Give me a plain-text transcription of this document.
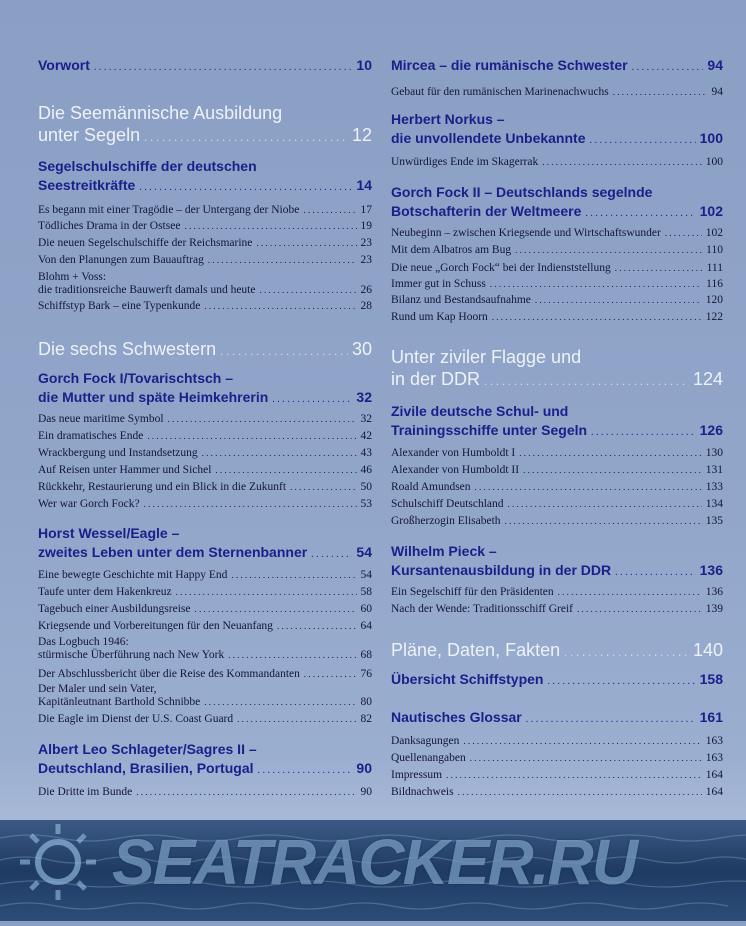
Vorwort . . .	10
Die Seemännische Ausbildung
unter Segeln . . .	12
Segelschulschiffe der deutschen
Seestreitkräfte . . .	14
Es begann mit einer Tragödie – der Untergang der Niobe . . .	17
Tödliches Drama in der Ostsee . . .	19
Die neuen Segelschulschiffe der Reichsmarine . . .	23
Von den Planungen zum Bauauftrag . . .	23
Blohm + Voss:
die traditionsreiche Bauwerft damals und heute . . .	26
Schiffstyp Bark – eine Typenkunde . . .	28
Die sechs Schwestern . . .	30
Gorch Fock I/Tovarischtsch –
die Mutter und späte Heimkehrerin . . .	32
Das neue maritime Symbol . . .	32
Ein dramatisches Ende . . .	42
Wrackbergung und Instandsetzung . . .	43
Auf Reisen unter Hammer und Sichel . . .	46
Rückkehr, Restaurierung und ein Blick in die Zukunft . . .	50
Wer war Gorch Fock? . . .	53
Horst Wessel/Eagle –
zweites Leben unter dem Sternenbanner . . .	54
Eine bewegte Geschichte mit Happy End . . .	54
Taufe unter dem Hakenkreuz . . .	58
Tagebuch einer Ausbildungsreise . . .	60
Kriegsende und Vorbereitungen für den Neuanfang . . .	64
Das Logbuch 1946:
stürmische Überführung nach New York . . .	68
Der Abschlussbericht über die Reise des Kommandanten . . .	76
Der Maler und sein Vater,
Kapitänleutnant Barthold Schnibbe . . .	80
Die Eagle im Dienst der U.S. Coast Guard . . .	82
Albert Leo Schlageter/Sagres II –
Deutschland, Brasilien, Portugal . . .	90
Die Dritte im Bunde . . .	90
Mircea – die rumänische Schwester . . .	94
Gebaut für den rumänischen Marinenachwuchs . . .	94
Herbert Norkus –
die unvollendete Unbekannte . . .	100
Unwürdiges Ende im Skagerrak . . .	100
Gorch Fock II – Deutschlands segelnde
Botschafterin der Weltmeere . . .	102
Neubeginn – zwischen Kriegsende und Wirtschaftswunder . . .	102
Mit dem Albatros am Bug . . .	110
Die neue „Gorch Fock“ bei der Indienststellung . . .	111
Immer gut in Schuss . . .	116
Bilanz und Bestandsaufnahme . . .	120
Rund um Kap Hoorn . . .	122
Unter ziviler Flagge und
in der DDR . . .	124
Zivile deutsche Schul- und
Trainingsschiffe unter Segeln . . .	126
Alexander von Humboldt I . . .	130
Alexander von Humboldt II . . .	131
Roald Amundsen . . .	133
Schulschiff Deutschland . . .	134
Großherzogin Elisabeth . . .	135
Wilhelm Pieck –
Kursantenausbildung in der DDR . . .	136
Ein Segelschiff für den Präsidenten . . .	136
Nach der Wende: Traditionsschiff Greif . . .	139
Pläne, Daten, Fakten . . .	140
Übersicht Schiffstypen . . .	158
Nautisches Glossar . . .	161
Danksagungen . . .	163
Quellenangaben . . .	163
Impressum . . .	164
Bildnachweis . . .	164
SEATRACKER.RU
